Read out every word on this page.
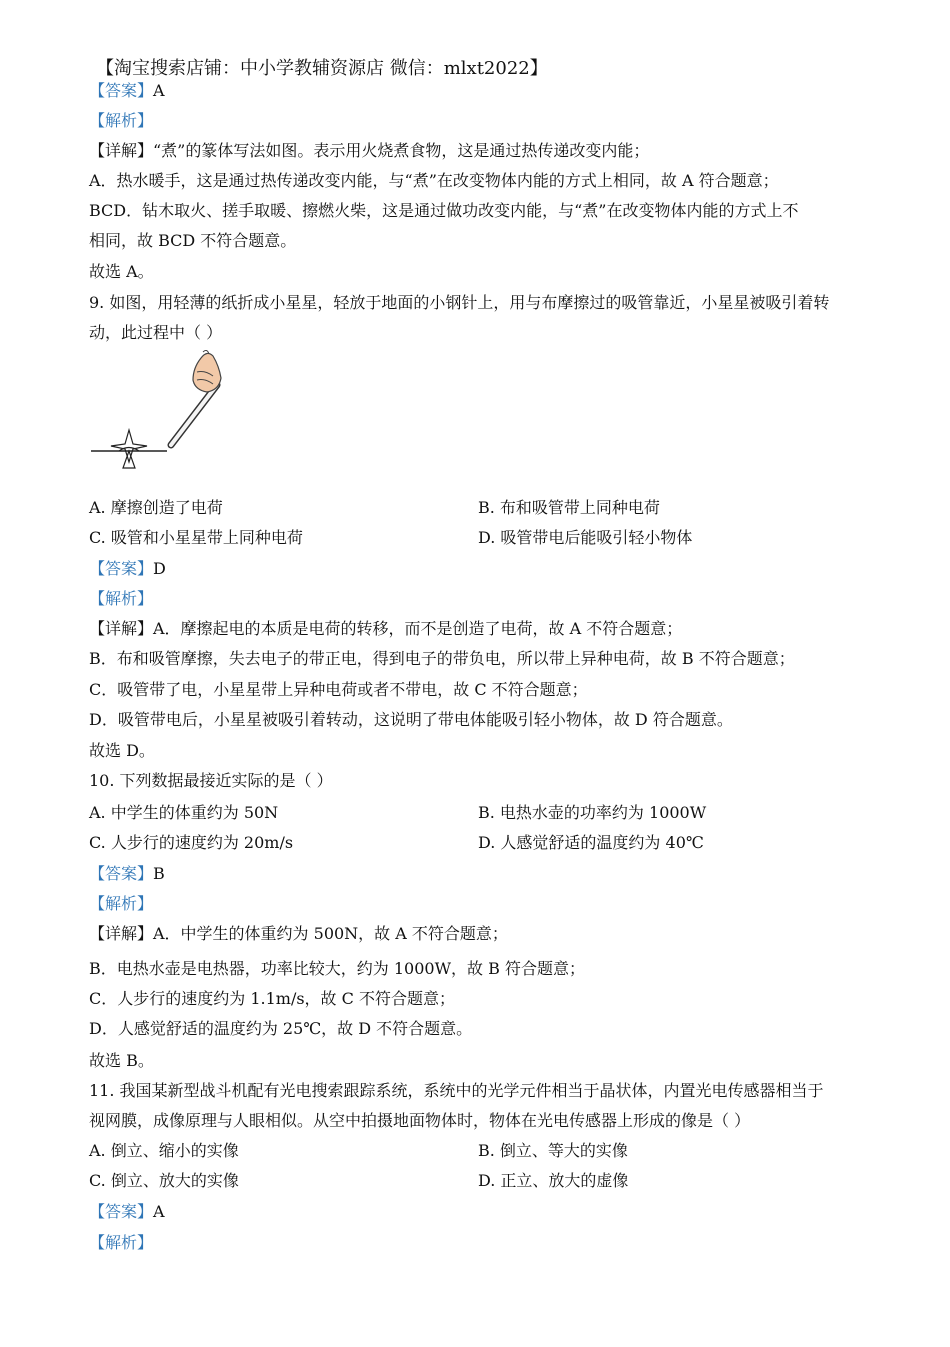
【淘宝搜索店铺：中小学教辅资源店 微信：mlxt2022】
【答案】A
【解析】
【详解】“煮”的篆体写法如图。表示用火烧煮食物，这是通过热传递改变内能；
A．热水暖手，这是通过热传递改变内能，与“煮”在改变物体内能的方式上相同，故 A 符合题意；
BCD．钻木取火、搓手取暖、擦燃火柴，这是通过做功改变内能，与“煮”在改变物体内能的方式上不
相同，故 BCD 不符合题意。
故选 A。
9. 如图，用轻薄的纸折成小星星，轻放于地面的小钢针上，用与布摩擦过的吸管靠近，小星星被吸引着转
动，此过程中（ ）
A. 摩擦创造了电荷	B. 布和吸管带上同种电荷
C. 吸管和小星星带上同种电荷	D. 吸管带电后能吸引轻小物体
【答案】D
【解析】
【详解】A．摩擦起电的本质是电荷的转移，而不是创造了电荷，故 A 不符合题意；
B．布和吸管摩擦，失去电子的带正电，得到电子的带负电，所以带上异种电荷，故 B 不符合题意；
C．吸管带了电，小星星带上异种电荷或者不带电，故 C 不符合题意；
D．吸管带电后，小星星被吸引着转动，这说明了带电体能吸引轻小物体，故 D 符合题意。
故选 D。
10. 下列数据最接近实际的是（ ）
A. 中学生的体重约为 50N	B. 电热水壶的功率约为 1000W
C. 人步行的速度约为 20m/s	D. 人感觉舒适的温度约为 40℃
【答案】B
【解析】
【详解】A．中学生的体重约为 500N，故 A 不符合题意；
B．电热水壶是电热器，功率比较大，约为 1000W，故 B 符合题意；
C．人步行的速度约为 1.1m/s，故 C 不符合题意；
D．人感觉舒适的温度约为 25℃，故 D 不符合题意。
故选 B。
11. 我国某新型战斗机配有光电搜索跟踪系统，系统中的光学元件相当于晶状体，内置光电传感器相当于
视网膜，成像原理与人眼相似。从空中拍摄地面物体时，物体在光电传感器上形成的像是（ ）
A. 倒立、缩小的实像	B. 倒立、等大的实像
C. 倒立、放大的实像	D. 正立、放大的虚像
【答案】A
【解析】
